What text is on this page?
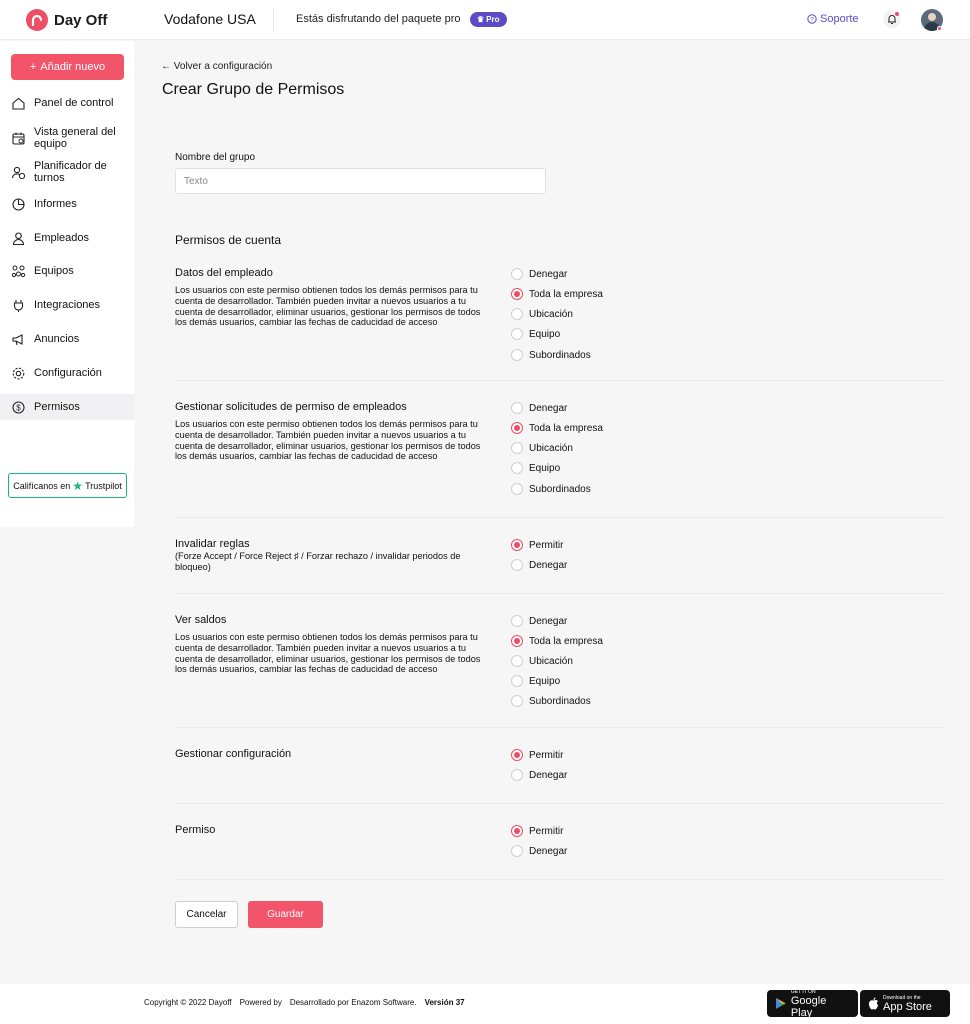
Day Off	Vodafone USA	Estás disfrutando del paquete pro ♛ Pro	? Soporte
+ Añadir nuevo
Panel de control
Vista general del equipo
Planificador de turnos
Informes
Empleados
Equipos
Integraciones
Anuncios
Configuración
$ Permisos
Califícanos en ★ Trustpilot
← Volver a configuración
Crear Grupo de Permisos
Nombre del grupo
Texto
Permisos de cuenta
Datos del empleado
Los usuarios con este permiso obtienen todos los demás permisos para tu cuenta de desarrollador. También pueden invitar a nuevos usuarios a tu cuenta de desarrollador, eliminar usuarios, gestionar los permisos de todos los demás usuarios, cambiar las fechas de caducidad de acceso
Denegar
Toda la empresa
Ubicación
Equipo
Subordinados
Gestionar solicitudes de permiso de empleados
Los usuarios con este permiso obtienen todos los demás permisos para tu cuenta de desarrollador. También pueden invitar a nuevos usuarios a tu cuenta de desarrollador, eliminar usuarios, gestionar los permisos de todos los demás usuarios, cambiar las fechas de caducidad de acceso
Denegar
Toda la empresa
Ubicación
Equipo
Subordinados
Invalidar reglas
(Forze Accept / Force Reject ♯ / Forzar rechazo / invalidar periodos de bloqueo)
Permitir
Denegar
Ver saldos
Los usuarios con este permiso obtienen todos los demás permisos para tu cuenta de desarrollador. También pueden invitar a nuevos usuarios a tu cuenta de desarrollador, eliminar usuarios, gestionar los permisos de todos los demás usuarios, cambiar las fechas de caducidad de acceso
Denegar
Toda la empresa
Ubicación
Equipo
Subordinados
Gestionar configuración	Permitir
Denegar
Permiso	Permitir
Denegar
Cancelar	Guardar
Copyright © 2022 Dayoff Powered by Desarrollado por Enazom Software. Versión 37
GET IT ON
Google Play
Download on the
App Store
